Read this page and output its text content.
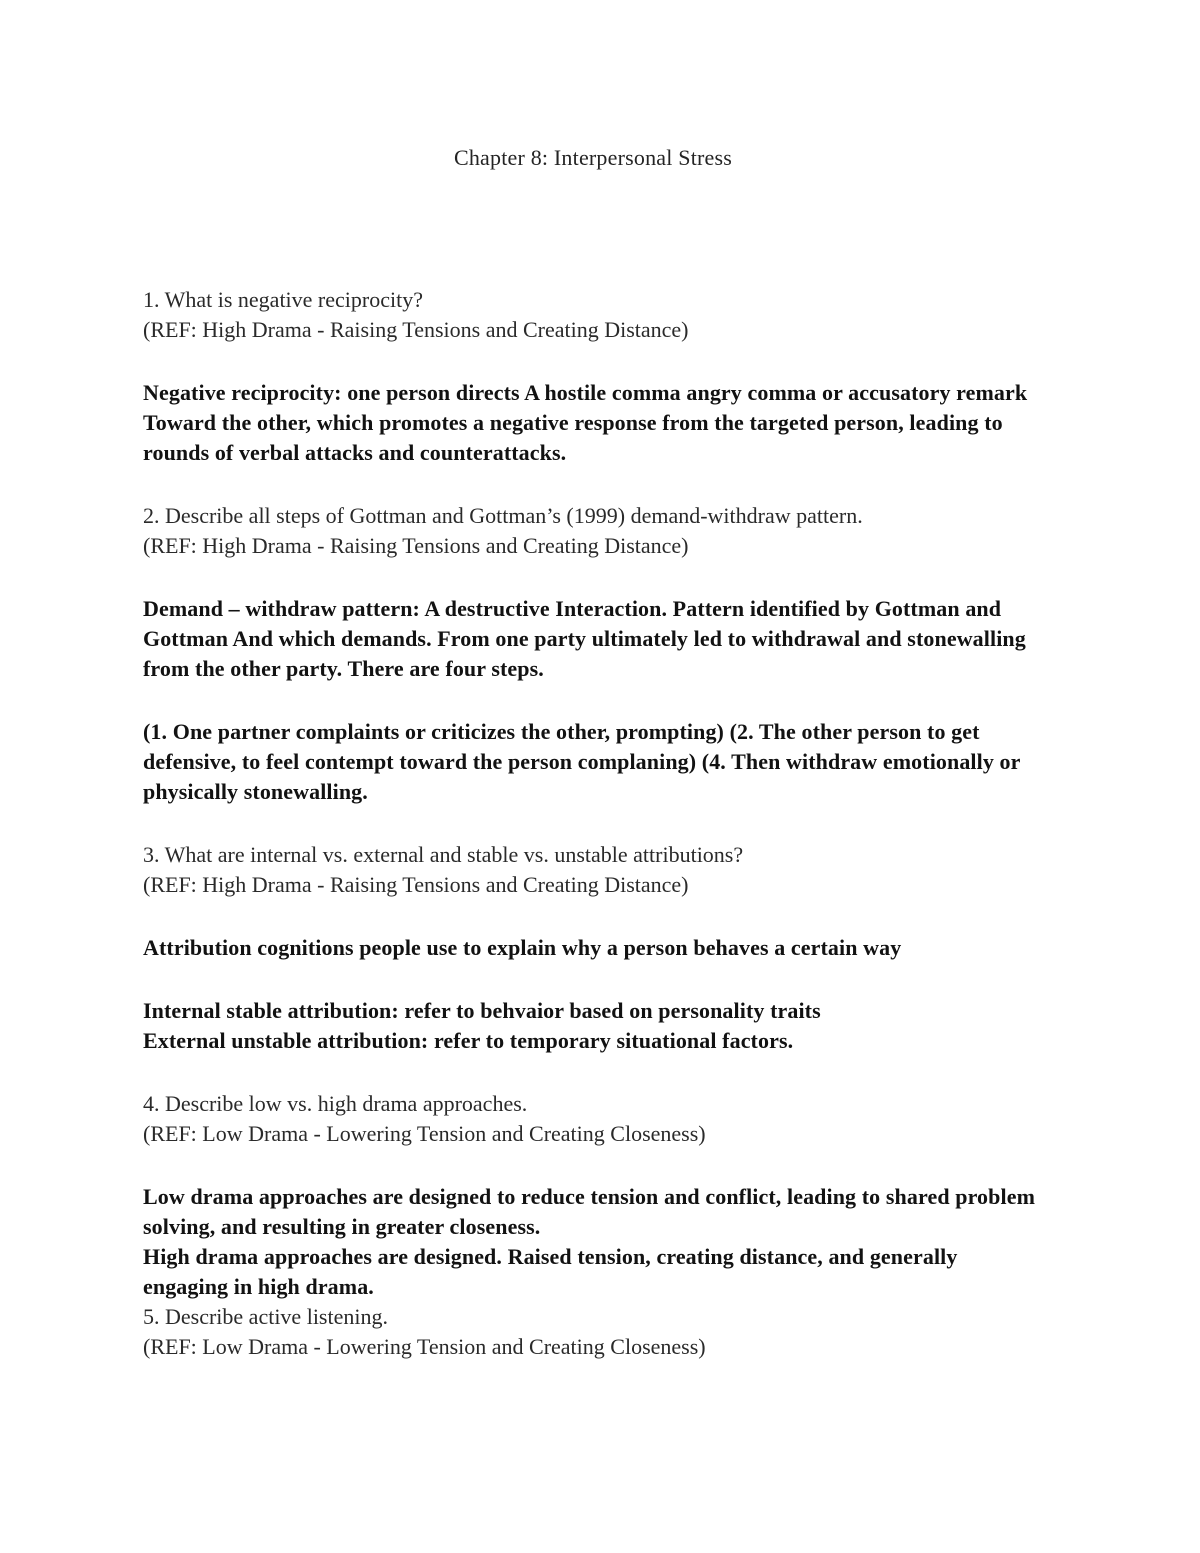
Chapter 8: Interpersonal Stress
1. What is negative reciprocity?
(REF: High Drama - Raising Tensions and Creating Distance)
Negative reciprocity: one person directs A hostile comma angry comma or accusatory remark Toward the other, which promotes a negative response from the targeted person, leading to rounds of verbal attacks and counterattacks.
2. Describe all steps of Gottman and Gottman’s (1999) demand-withdraw pattern.
(REF: High Drama - Raising Tensions and Creating Distance)
Demand – withdraw pattern: A destructive Interaction. Pattern identified by Gottman and Gottman And which demands. From one party ultimately led to withdrawal and stonewalling from the other party. There are four steps.
(1. One partner complaints or criticizes the other, prompting) (2. The other person to get defensive, to feel contempt toward the person complaning) (4. Then withdraw emotionally or physically stonewalling.
3. What are internal vs. external and stable vs. unstable attributions?
(REF: High Drama - Raising Tensions and Creating Distance)
Attribution cognitions people use to explain why a person behaves a certain way
Internal stable attribution: refer to behvaior based on personality traits
External unstable attribution: refer to temporary situational factors.
4. Describe low vs. high drama approaches.
(REF: Low Drama - Lowering Tension and Creating Closeness)
Low drama approaches are designed to reduce tension and conflict, leading to shared problem solving, and resulting in greater closeness.
High drama approaches are designed. Raised tension, creating distance, and generally engaging in high drama.
5. Describe active listening.
(REF: Low Drama - Lowering Tension and Creating Closeness)
